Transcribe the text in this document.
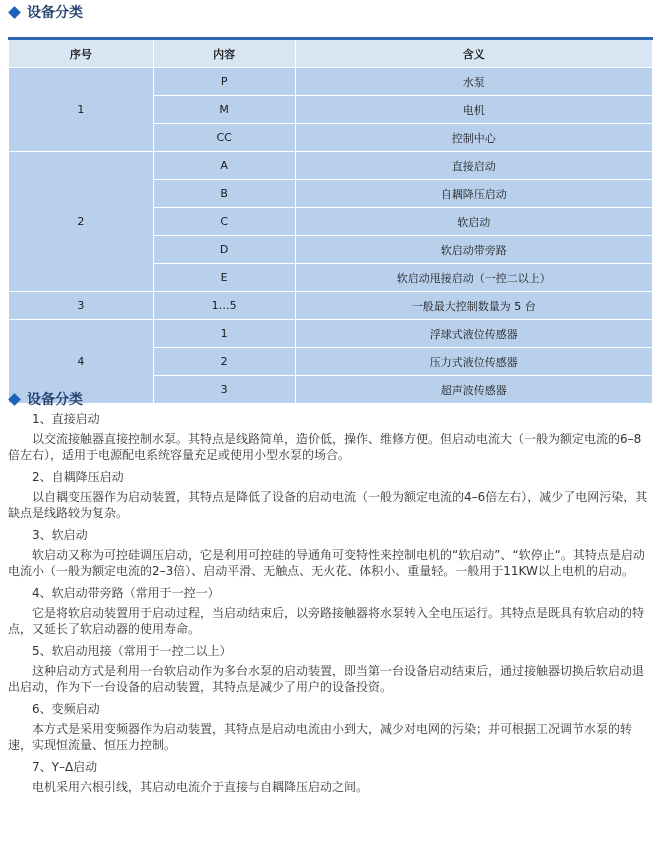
设备分类
序号	内容	含义
1	P	水泵
	M	电机
	CC	控制中心
2	A	直接启动
	B	自耦降压启动
	C	软启动
	D	软启动带旁路
	E	软启动甩接启动（一控二以上）
3	1…5	一般最大控制数量为 5 台
4	1	浮球式液位传感器
	2	压力式液位传感器
	3	超声波传感器
设备分类
1、直接启动
以交流接触器直接控制水泵。其特点是线路简单，造价低，操作、维修方便。但启动电流大（一般为额定电流的6–8倍左右），适用于电源配电系统容量充足或使用小型水泵的场合。
2、自耦降压启动
以自耦变压器作为启动装置，其特点是降低了设备的启动电流（一般为额定电流的4–6倍左右），减少了电网污染，其缺点是线路较为复杂。
3、软启动
软启动又称为可控硅调压启动，它是利用可控硅的导通角可变特性来控制电机的“软启动”、“软停止“。其特点是启动电流小（一般为额定电流的2–3倍）、启动平滑、无触点、无火花、体积小、重量轻。一般用于11KW以上电机的启动。
4、软启动带旁路（常用于一控一）
它是将软启动装置用于启动过程，当启动结束后，以旁路接触器将水泵转入全电压运行。其特点是既具有软启动的特点，又延长了软启动器的使用寿命。
5、软启动甩接（常用于一控二以上）
这种启动方式是利用一台软启动作为多台水泵的启动装置，即当第一台设备启动结束后，通过接触器切换后软启动退出启动，作为下一台设备的启动装置，其特点是减少了用户的设备投资。
6、变频启动
本方式是采用变频器作为启动装置，其特点是启动电流由小到大，减少对电网的污染；并可根据工况调节水泵的转速，实现恒流量、恒压力控制。
7、Y–Δ启动
电机采用六根引线，其启动电流介于直接与自耦降压启动之间。
